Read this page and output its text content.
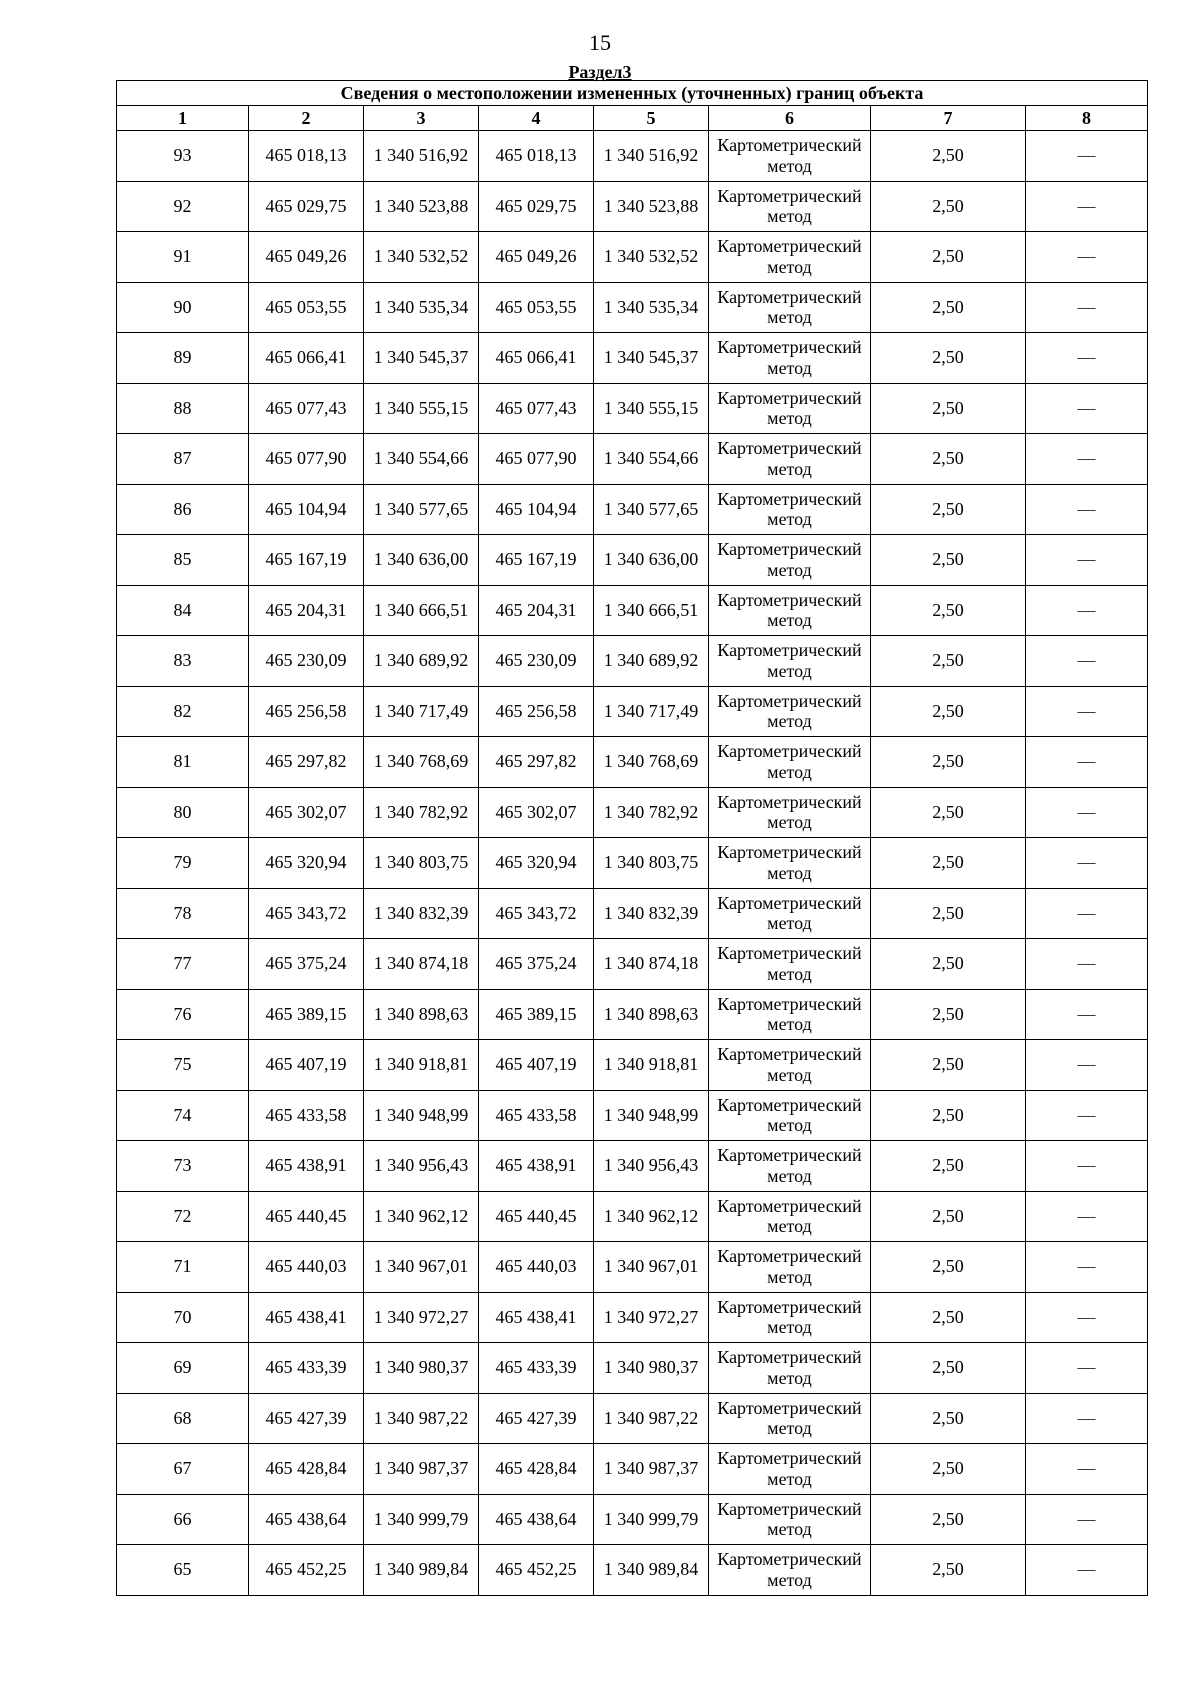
15
Раздел3
Сведения о местоположении измененных (уточненных) границ объекта							
1	2	3	4	5	6	7	8
93	465 018,13	1 340 516,92	465 018,13	1 340 516,92	Картометрический метод	2,50	—
92	465 029,75	1 340 523,88	465 029,75	1 340 523,88	Картометрический метод	2,50	—
91	465 049,26	1 340 532,52	465 049,26	1 340 532,52	Картометрический метод	2,50	—
90	465 053,55	1 340 535,34	465 053,55	1 340 535,34	Картометрический метод	2,50	—
89	465 066,41	1 340 545,37	465 066,41	1 340 545,37	Картометрический метод	2,50	—
88	465 077,43	1 340 555,15	465 077,43	1 340 555,15	Картометрический метод	2,50	—
87	465 077,90	1 340 554,66	465 077,90	1 340 554,66	Картометрический метод	2,50	—
86	465 104,94	1 340 577,65	465 104,94	1 340 577,65	Картометрический метод	2,50	—
85	465 167,19	1 340 636,00	465 167,19	1 340 636,00	Картометрический метод	2,50	—
84	465 204,31	1 340 666,51	465 204,31	1 340 666,51	Картометрический метод	2,50	—
83	465 230,09	1 340 689,92	465 230,09	1 340 689,92	Картометрический метод	2,50	—
82	465 256,58	1 340 717,49	465 256,58	1 340 717,49	Картометрический метод	2,50	—
81	465 297,82	1 340 768,69	465 297,82	1 340 768,69	Картометрический метод	2,50	—
80	465 302,07	1 340 782,92	465 302,07	1 340 782,92	Картометрический метод	2,50	—
79	465 320,94	1 340 803,75	465 320,94	1 340 803,75	Картометрический метод	2,50	—
78	465 343,72	1 340 832,39	465 343,72	1 340 832,39	Картометрический метод	2,50	—
77	465 375,24	1 340 874,18	465 375,24	1 340 874,18	Картометрический метод	2,50	—
76	465 389,15	1 340 898,63	465 389,15	1 340 898,63	Картометрический метод	2,50	—
75	465 407,19	1 340 918,81	465 407,19	1 340 918,81	Картометрический метод	2,50	—
74	465 433,58	1 340 948,99	465 433,58	1 340 948,99	Картометрический метод	2,50	—
73	465 438,91	1 340 956,43	465 438,91	1 340 956,43	Картометрический метод	2,50	—
72	465 440,45	1 340 962,12	465 440,45	1 340 962,12	Картометрический метод	2,50	—
71	465 440,03	1 340 967,01	465 440,03	1 340 967,01	Картометрический метод	2,50	—
70	465 438,41	1 340 972,27	465 438,41	1 340 972,27	Картометрический метод	2,50	—
69	465 433,39	1 340 980,37	465 433,39	1 340 980,37	Картометрический метод	2,50	—
68	465 427,39	1 340 987,22	465 427,39	1 340 987,22	Картометрический метод	2,50	—
67	465 428,84	1 340 987,37	465 428,84	1 340 987,37	Картометрический метод	2,50	—
66	465 438,64	1 340 999,79	465 438,64	1 340 999,79	Картометрический метод	2,50	—
65	465 452,25	1 340 989,84	465 452,25	1 340 989,84	Картометрический метод	2,50	—
